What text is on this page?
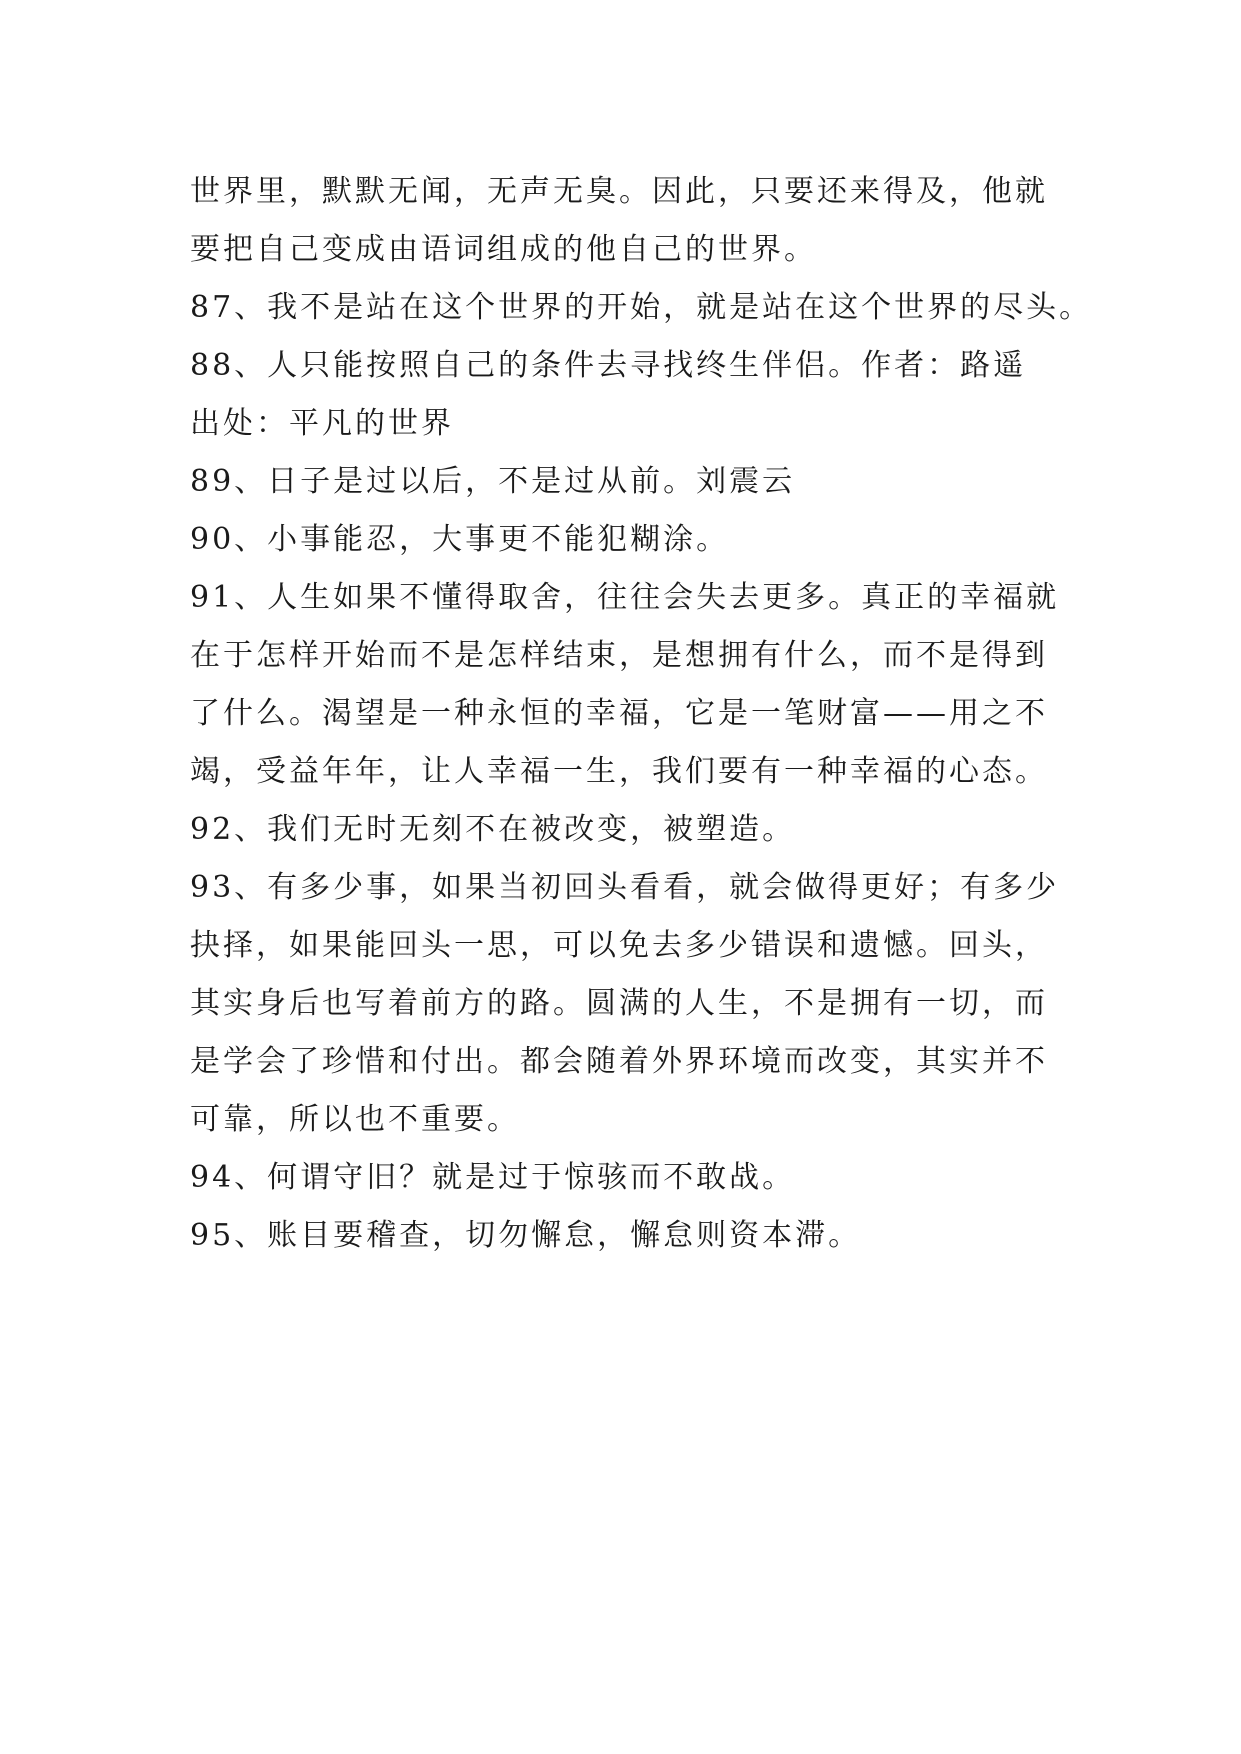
世界里，默默无闻，无声无臭。因此，只要还来得及，他就
要把自己变成由语词组成的他自己的世界。
87、我不是站在这个世界的开始，就是站在这个世界的尽头。
88、人只能按照自己的条件去寻找终生伴侣。作者：路遥
出处：平凡的世界
89、日子是过以后，不是过从前。刘震云
90、小事能忍，大事更不能犯糊涂。
91、人生如果不懂得取舍，往往会失去更多。真正的幸福就
在于怎样开始而不是怎样结束，是想拥有什么，而不是得到
了什么。渴望是一种永恒的幸福，它是一笔财富——用之不
竭，受益年年，让人幸福一生，我们要有一种幸福的心态。
92、我们无时无刻不在被改变，被塑造。
93、有多少事，如果当初回头看看，就会做得更好；有多少
抉择，如果能回头一思，可以免去多少错误和遗憾。回头，
其实身后也写着前方的路。圆满的人生，不是拥有一切，而
是学会了珍惜和付出。都会随着外界环境而改变，其实并不
可靠，所以也不重要。
94、何谓守旧？就是过于惊骇而不敢战。
95、账目要稽查，切勿懈怠，懈怠则资本滞。
